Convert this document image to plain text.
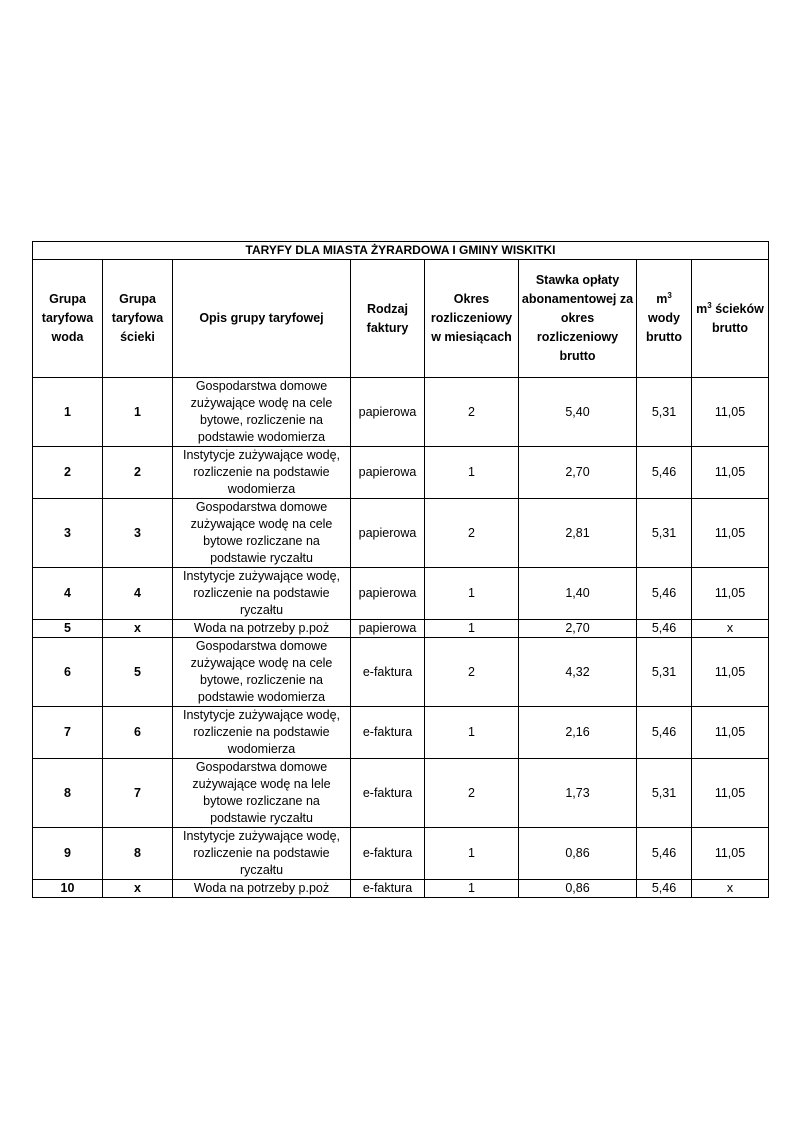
TARYFY DLA MIASTA ŻYRARDOWA I GMINY WISKITKI							
Grupa taryfowa woda	Grupa taryfowa ścieki	Opis grupy taryfowej	Rodzaj faktury	Okres rozliczeniowy w miesiącach	Stawka opłaty abonamentowej za okres rozliczeniowy brutto	$m^3$ wody brutto	$m^3$ ścieków brutto
1	1	Gospodarstwa domowe zużywające wodę na cele bytowe, rozliczenie na podstawie wodomierza	papierowa	2	5,40	5,31	11,05
2	2	Instytycje zużywające wodę, rozliczenie na podstawie wodomierza	papierowa	1	2,70	5,46	11,05
3	3	Gospodarstwa domowe zużywające wodę na cele bytowe rozliczane na podstawie ryczałtu	papierowa	2	2,81	5,31	11,05
4	4	Instytycje zużywające wodę, rozliczenie na podstawie ryczałtu	papierowa	1	1,40	5,46	11,05
5	x	Woda na potrzeby p.poż	papierowa	1	2,70	5,46	x
6	5	Gospodarstwa domowe zużywające wodę na cele bytowe, rozliczenie na podstawie wodomierza	e-faktura	2	4,32	5,31	11,05
7	6	Instytycje zużywające wodę, rozliczenie na podstawie wodomierza	e-faktura	1	2,16	5,46	11,05
8	7	Gospodarstwa domowe zużywające wodę na lele bytowe rozliczane na podstawie ryczałtu	e-faktura	2	1,73	5,31	11,05
9	8	Instytycje zużywające wodę, rozliczenie na podstawie ryczałtu	e-faktura	1	0,86	5,46	11,05
10	x	Woda na potrzeby p.poż	e-faktura	1	0,86	5,46	x
